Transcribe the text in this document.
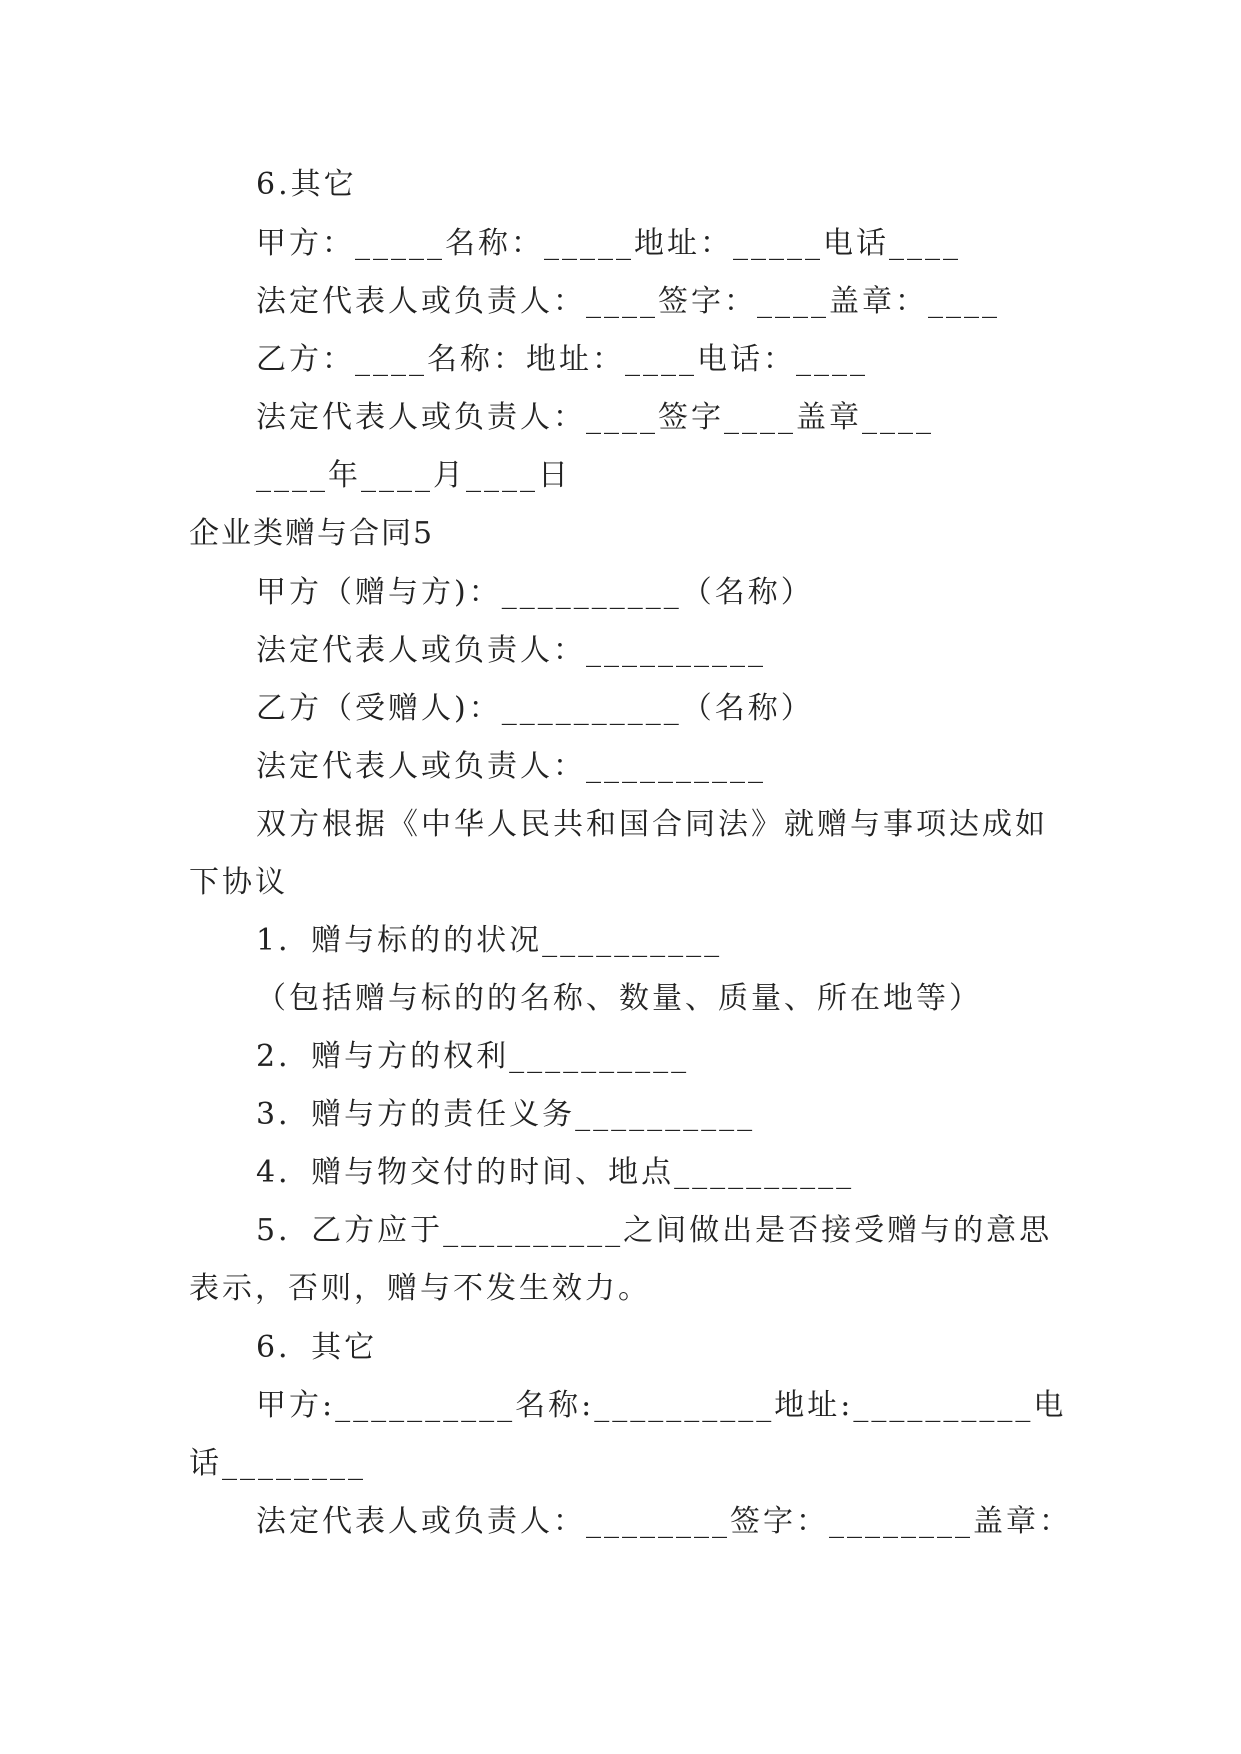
6.其它
甲方：_____名称：_____地址：_____电话____
法定代表人或负责人：____签字：____盖章：____
乙方：____名称：地址：____电话：____
法定代表人或负责人：____签字____盖章____
____年____月____日
企业类赠与合同5
甲方（赠与方)：__________（名称）
法定代表人或负责人：__________
乙方（受赠人)：__________（名称）
法定代表人或负责人：__________
双方根据《中华人民共和国合同法》就赠与事项达成如
下协议
1．赠与标的的状况__________
（包括赠与标的的名称、数量、质量、所在地等）
2．赠与方的权利__________
3．赠与方的责任义务__________
4．赠与物交付的时间、地点__________
5．乙方应于__________之间做出是否接受赠与的意思
表示，否则，赠与不发生效力。
6．其它
甲方:__________名称:__________地址:__________电
话________
法定代表人或负责人：________签字：________盖章：
